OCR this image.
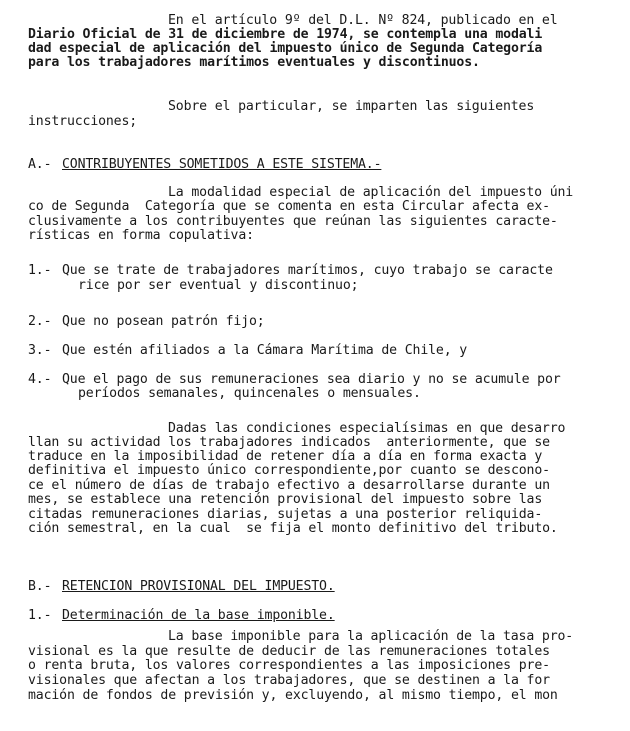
En el artículo 9º del D.L. Nº 824, publicado en el
Diario Oficial de 31 de diciembre de 1974, se contempla una modali
dad especial de aplicación del impuesto único de Segunda Categoría
para los trabajadores marítimos eventuales y discontinuos.
Sobre el particular, se imparten las siguientes
instrucciones;
A.- CONTRIBUYENTES SOMETIDOS A ESTE SISTEMA.-
La modalidad especial de aplicación del impuesto úni
co de Segunda  Categoría que se comenta en esta Circular afecta ex-
clusivamente a los contribuyentes que reúnan las siguientes caracte-
rísticas en forma copulativa:
1.- Que se trate de trabajadores marítimos, cuyo trabajo se caracte
rice por ser eventual y discontinuo;
2.- Que no posean patrón fijo;
3.- Que estén afiliados a la Cámara Marítima de Chile, y
4.- Que el pago de sus remuneraciones sea diario y no se acumule por
períodos semanales, quincenales o mensuales.
Dadas las condiciones especialísimas en que desarro
llan su actividad los trabajadores indicados  anteriormente, que se
traduce en la imposibilidad de retener día a día en forma exacta y
definitiva el impuesto único correspondiente,por cuanto se descono-
ce el número de días de trabajo efectivo a desarrollarse durante un
mes, se establece una retención provisional del impuesto sobre las
citadas remuneraciones diarias, sujetas a una posterior reliquida-
ción semestral, en la cual  se fija el monto definitivo del tributo.
B.- RETENCION PROVISIONAL DEL IMPUESTO.
1.- Determinación de la base imponible.
La base imponible para la aplicación de la tasa pro-
visional es la que resulte de deducir de las remuneraciones totales
o renta bruta, los valores correspondientes a las imposiciones pre-
visionales que afectan a los trabajadores, que se destinen a la for
mación de fondos de previsión y, excluyendo, al mismo tiempo, el mon
